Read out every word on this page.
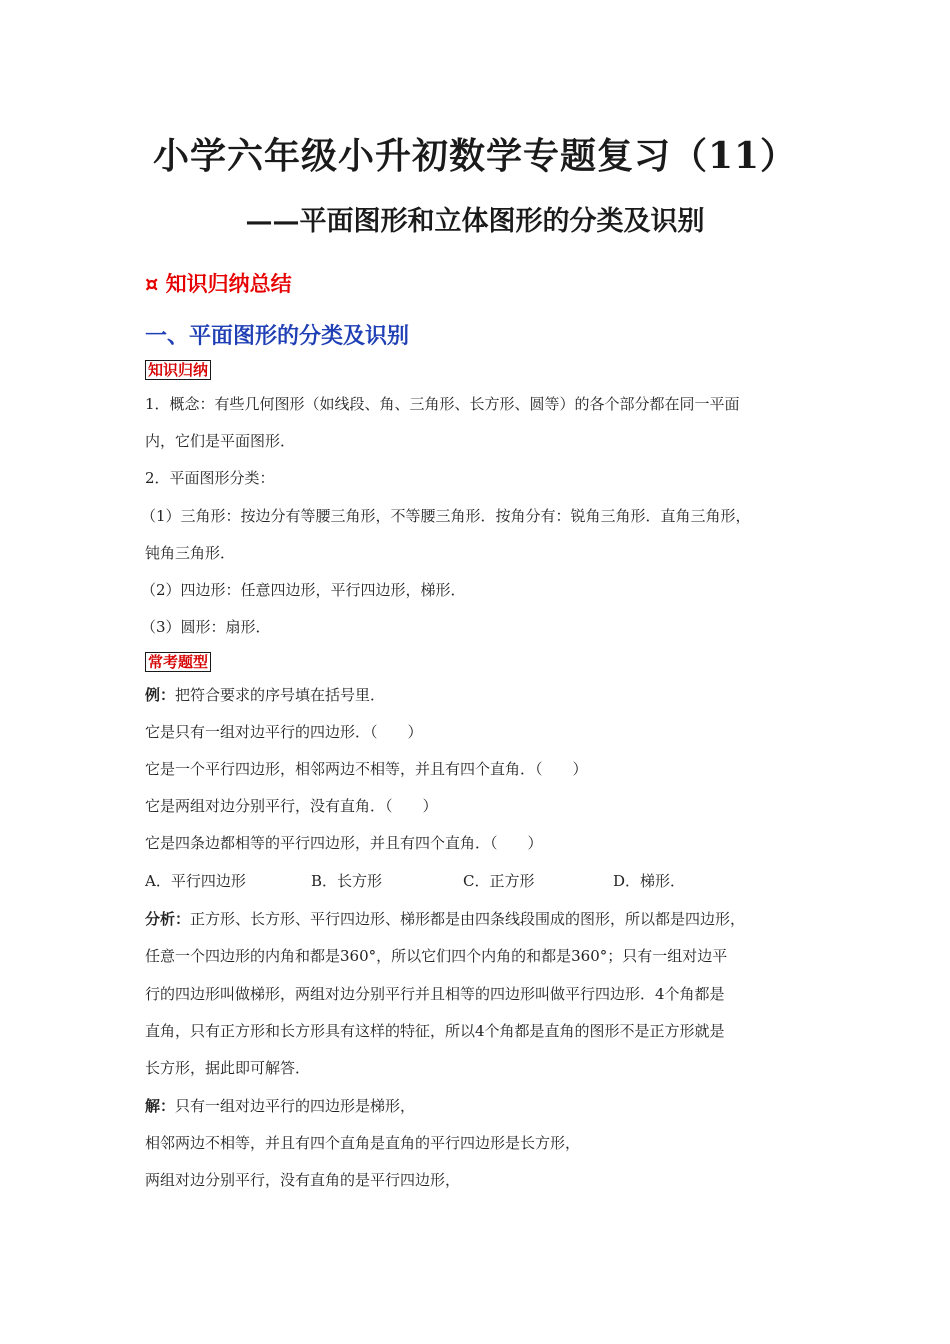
小学六年级小升初数学专题复习（11）
——平面图形和立体图形的分类及识别
¤ 知识归纳总结
一、平面图形的分类及识别
知识归纳
1．概念：有些几何图形（如线段、角、三角形、长方形、圆等）的各个部分都在同一平面
内，它们是平面图形．
2．平面图形分类：
（1）三角形：按边分有等腰三角形，不等腰三角形．按角分有：锐角三角形．直角三角形，
钝角三角形．
（2）四边形：任意四边形，平行四边形，梯形．
（3）圆形：扇形．
常考题型
例：把符合要求的序号填在括号里．
它是只有一组对边平行的四边形．（　　）
它是一个平行四边形，相邻两边不相等，并且有四个直角．（　　）
它是两组对边分别平行，没有直角．（　　）
它是四条边都相等的平行四边形，并且有四个直角．（　　）
A．平行四边形	B．长方形	C．正方形	D．梯形．
分析：正方形、长方形、平行四边形、梯形都是由四条线段围成的图形，所以都是四边形，
任意一个四边形的内角和都是360°，所以它们四个内角的和都是360°；只有一组对边平
行的四边形叫做梯形，两组对边分别平行并且相等的四边形叫做平行四边形．4个角都是
直角，只有正方形和长方形具有这样的特征，所以4个角都是直角的图形不是正方形就是
长方形，据此即可解答．
解：只有一组对边平行的四边形是梯形，
相邻两边不相等，并且有四个直角是直角的平行四边形是长方形，
两组对边分别平行，没有直角的是平行四边形，
